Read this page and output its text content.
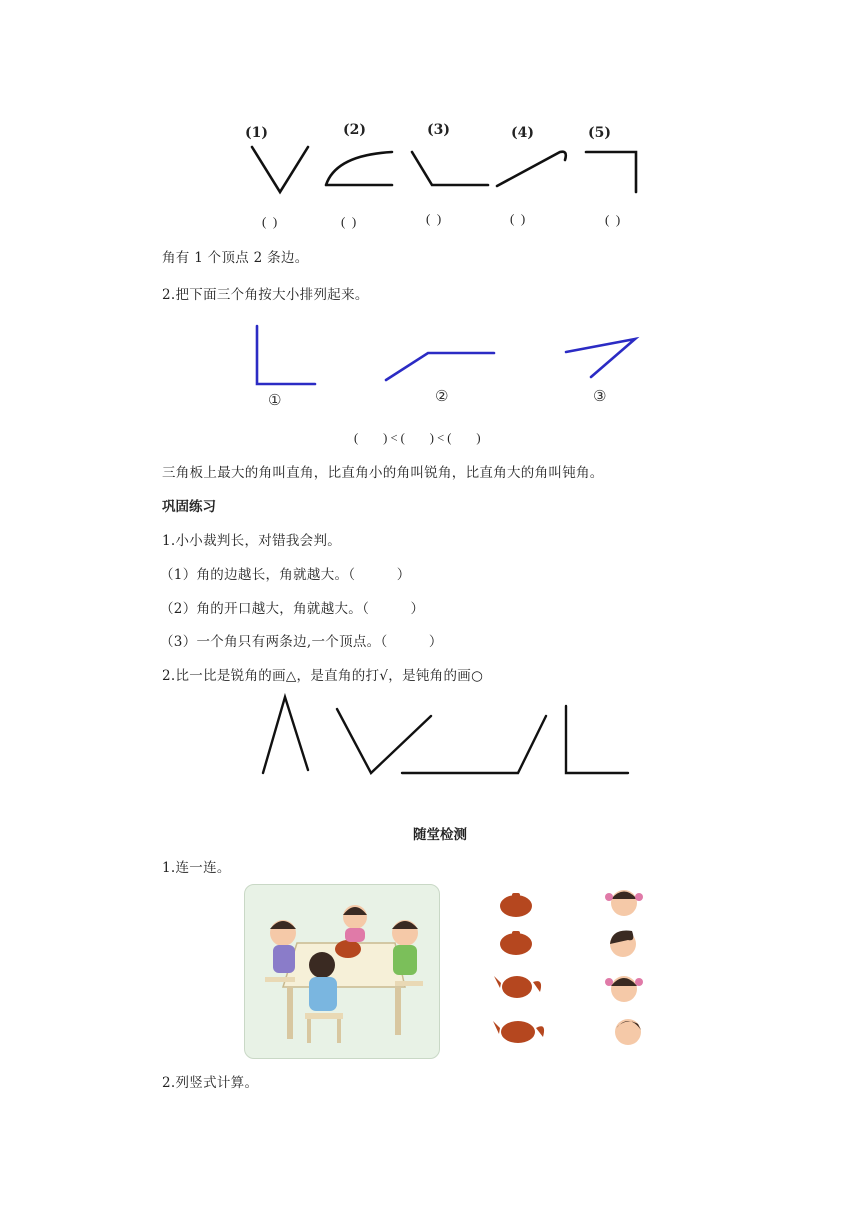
(1)	(2)	(3)	(4)	(5)
(  )	(  )	(  )	(  )	(  )
角有 1 个顶点 2 条边。
2.把下面三个角按大小排列起来。
①	②	③
(　　) < (　　) < (　　)
三角板上最大的角叫直角，比直角小的角叫锐角，比直角大的角叫钝角。
巩固练习
1.小小裁判长，对错我会判。
（1）角的边越长，角就越大。（　　　）
（2）角的开口越大，角就越大。（　　　）
（3）一个角只有两条边,一个顶点。（　　　）
2.比一比是锐角的画△，是直角的打√，是钝角的画○
随堂检测
1.连一连。
2.列竖式计算。
